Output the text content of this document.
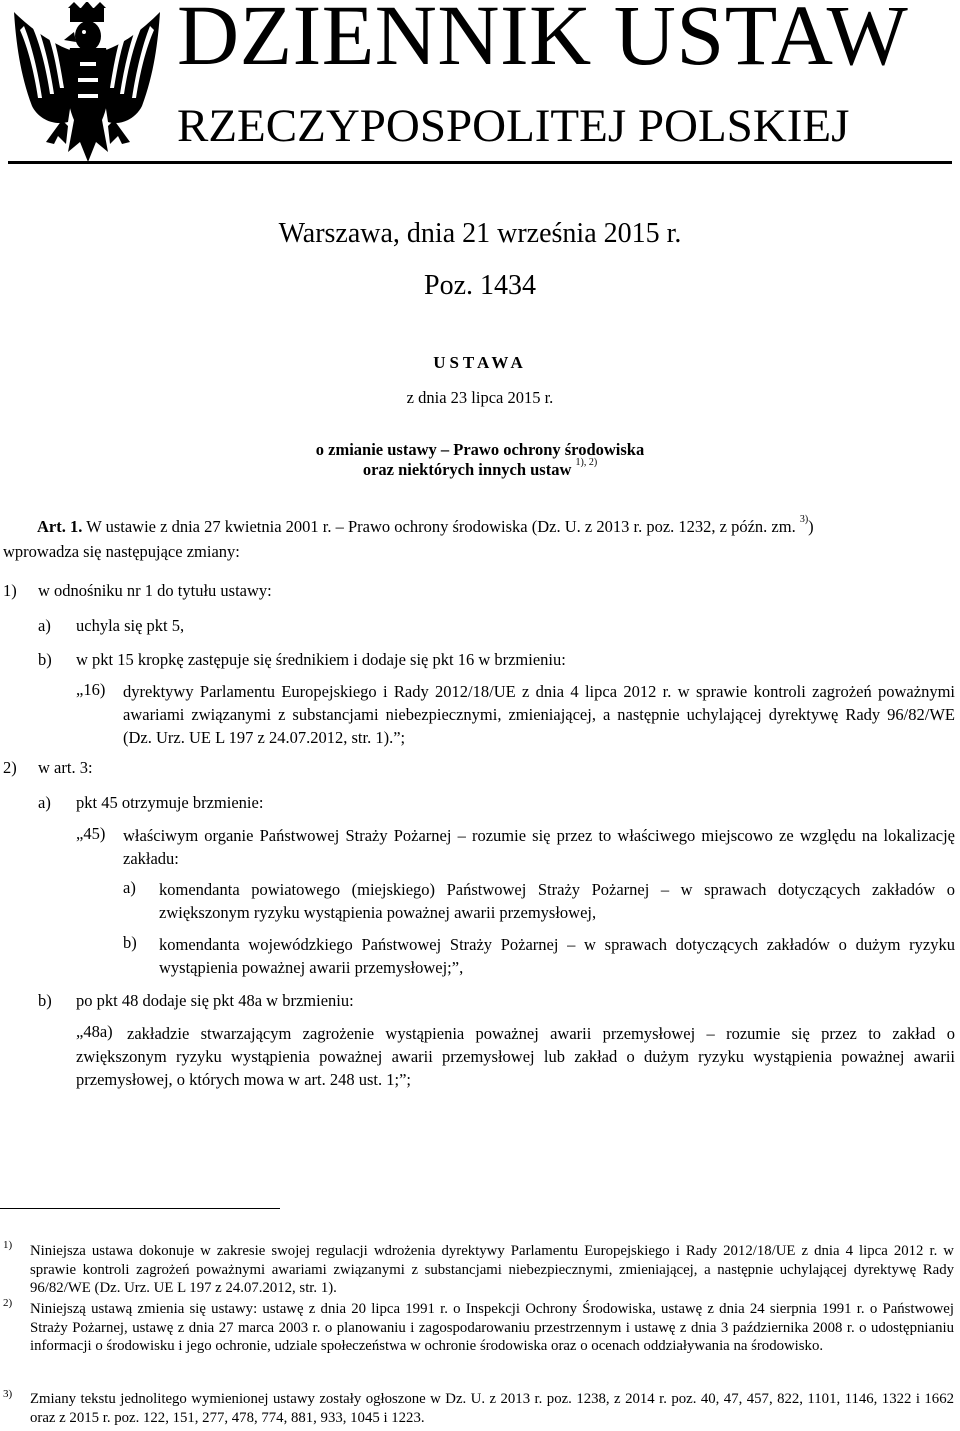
DZIENNIK USTAW
RZECZYPOSPOLITEJ POLSKIEJ
Warszawa, dnia 21 września 2015 r.
Poz. 1434
USTAWA
z dnia 23 lipca 2015 r.
o zmianie ustawy – Prawo ochrony środowiska
oraz niektórych innych ustaw $^{1), 2)}$
Art. 1. W ustawie z dnia 27 kwietnia 2001 r. – Prawo ochrony środowiska (Dz. U. z 2013 r. poz. 1232, z późn. zm. $^{3)}$)
wprowadza się następujące zmiany:
1) w odnośniku nr 1 do tytułu ustawy:
a) uchyla się pkt 5,
b) w pkt 15 kropkę zastępuje się średnikiem i dodaje się pkt 16 w brzmieniu:
„16) dyrektywy Parlamentu Europejskiego i Rady 2012/18/UE z dnia 4 lipca 2012 r. w sprawie kontroli zagrożeń poważnymi awariami związanymi z substancjami niebezpiecznymi, zmieniającej, a następnie uchylającej dyrektywę Rady 96/82/WE (Dz. Urz. UE L 197 z 24.07.2012, str. 1).”;
2) w art. 3:
a) pkt 45 otrzymuje brzmienie:
„45) właściwym organie Państwowej Straży Pożarnej – rozumie się przez to właściwego miejscowo ze względu na lokalizację zakładu:
a) komendanta powiatowego (miejskiego) Państwowej Straży Pożarnej – w sprawach dotyczących zakładów o zwiększonym ryzyku wystąpienia poważnej awarii przemysłowej,
b) komendanta wojewódzkiego Państwowej Straży Pożarnej – w sprawach dotyczących zakładów o dużym ryzyku wystąpienia poważnej awarii przemysłowej;”,
b) po pkt 48 dodaje się pkt 48a w brzmieniu:
„48a) zakładzie stwarzającym zagrożenie wystąpienia poważnej awarii przemysłowej – rozumie się przez to zakład o zwiększonym ryzyku wystąpienia poważnej awarii przemysłowej lub zakład o dużym ryzyku wystąpienia poważnej awarii przemysłowej, o których mowa w art. 248 ust. 1;”;
1) Niniejsza ustawa dokonuje w zakresie swojej regulacji wdrożenia dyrektywy Parlamentu Europejskiego i Rady 2012/18/UE z dnia 4 lipca 2012 r. w sprawie kontroli zagrożeń poważnymi awariami związanymi z substancjami niebezpiecznymi, zmieniającej, a następnie uchylającej dyrektywę Rady 96/82/WE (Dz. Urz. UE L 197 z 24.07.2012, str. 1).
2) Niniejszą ustawą zmienia się ustawy: ustawę z dnia 20 lipca 1991 r. o Inspekcji Ochrony Środowiska, ustawę z dnia 24 sierpnia 1991 r. o Państwowej Straży Pożarnej, ustawę z dnia 27 marca 2003 r. o planowaniu i zagospodarowaniu przestrzennym i ustawę z dnia 3 października 2008 r. o udostępnianiu informacji o środowisku i jego ochronie, udziale społeczeństwa w ochronie środowiska oraz o ocenach oddziaływania na środowisko.
3) Zmiany tekstu jednolitego wymienionej ustawy zostały ogłoszone w Dz. U. z 2013 r. poz. 1238, z 2014 r. poz. 40, 47, 457, 822, 1101, 1146, 1322 i 1662 oraz z 2015 r. poz. 122, 151, 277, 478, 774, 881, 933, 1045 i 1223.
